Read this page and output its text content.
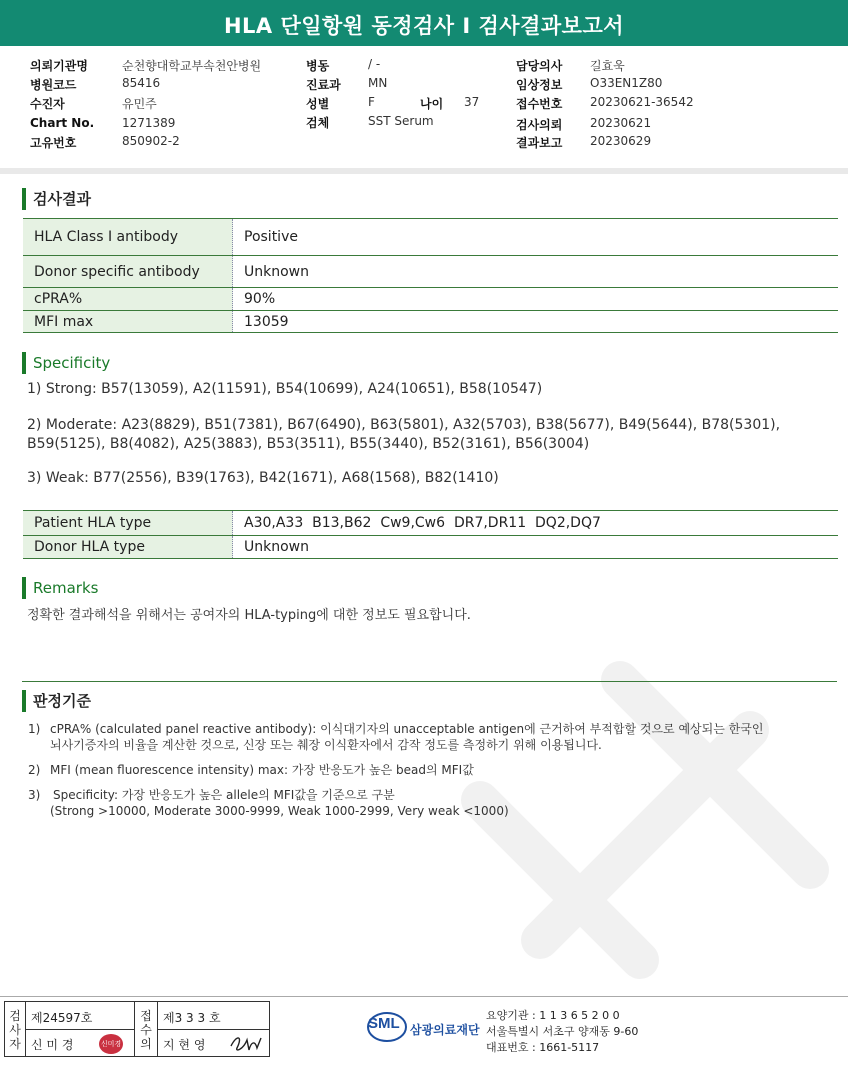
HLA 단일항원 동정검사 I 검사결과보고서
의뢰기관명	순천향대학교부속천안병원
병원코드	85416
수진자	유민주
Chart No. 1271389
고유번호	850902-2
병동	/ -
진료과 MN
성별	F	나이 37
검체	SST Serum
담당의사 길효욱
임상정보 O33EN1Z80
접수번호 20230621-36542
검사의뢰 20230621
결과보고 20230629
검사결과
HLA Class I antibody	Positive
Donor specific antibody	Unknown
cPRA%	90%
MFI max	13059
Specificity
1) Strong: B57(13059), A2(11591), B54(10699), A24(10651), B58(10547)
2) Moderate: A23(8829), B51(7381), B67(6490), B63(5801), A32(5703), B38(5677), B49(5644), B78(5301),
B59(5125), B8(4082), A25(3883), B53(3511), B55(3440), B52(3161), B56(3004)
3) Weak: B77(2556), B39(1763), B42(1671), A68(1568), B82(1410)
Patient HLA type	A30,A33  B13,B62  Cw9,Cw6  DR7,DR11  DQ2,DQ7
Donor HLA type	Unknown
Remarks
정확한 결과해석을 위해서는 공여자의 HLA-typing에 대한 정보도 필요합니다.
판정기준
1) cPRA% (calculated panel reactive antibody): 이식대기자의 unacceptable antigen에 근거하여 부적합할 것으로 예상되는 한국인
뇌사기증자의 비율을 계산한 것으로, 신장 또는 췌장 이식환자에서 감작 정도를 측정하기 위해 이용됩니다.
2) MFI (mean fluorescence intensity) max: 가장 반응도가 높은 bead의 MFI값
3) Specificity: 가장 반응도가 높은 allele의 MFI값을 기준으로 구분
(Strong >10000, Moderate 3000-9999, Weak 1000-2999, Very weak <1000)
검
사
자
제24597호
신 미 경	신미경
접
수
의
제3 3 3 호
지 현 영
SML 삼광의료재단
요양기관 : 1 1 3 6 5 2 0 0
서울특별시 서초구 양재동 9-60
대표번호 : 1661-5117
